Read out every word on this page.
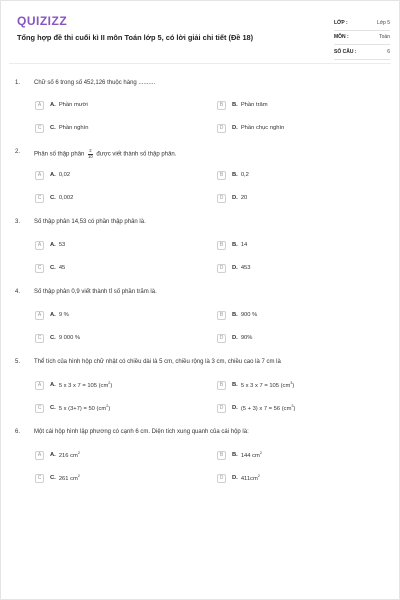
QUIZIZZ
Tổng hợp đề thi cuối kì II môn Toán lớp 5, có lời giải chi tiết (Đề 18)
LỚP :	Lớp 5
MÔN :	Toán
SỐ CÂU :	6
1. Chữ số 6 trong số 452,126 thuộc hàng ..........
A	A. Phần mười	B	B. Phần trăm
C	C. Phần nghìn	D	D. Phần chục nghìn
2. Phân số thập phân $\frac{2}{10}$ được viết thành số thập phân.
A	A. 0,02	B	B. 0,2
C	C. 0,002	D	D. 20
3. Số thập phân 14,53 có phần thập phân là.
A	A. 53	B	B. 14
C	C. 45	D	D. 453
4. Số thập phân 0,9 viết thành tỉ số phần trăm là.
A	A. 9 %	B	B. 900 %
C	C. 9 000 %	D	D. 90%
5. Thể tích của hình hộp chữ nhật có chiều dài là 5 cm, chiều rộng là 3 cm, chiều cao là 7 cm là
A	A. 5 x 3 x 7 = 105 $(cm^2)$	B	B. 5 x 3 x 7 = 105 $(cm^3)$
C	C. 5 x (3+7) = 50 $(cm^2)$	D	D. (5 + 3) x 7 = 56 $(cm^3)$
6. Một cái hộp hình lập phương có cạnh 6 cm. Diện tích xung quanh của cái hộp là:
A	A. 216 $cm^2$	B	B. 144 $cm^2$
C	C. 261 $cm^2$	D	D. $411cm^2$
